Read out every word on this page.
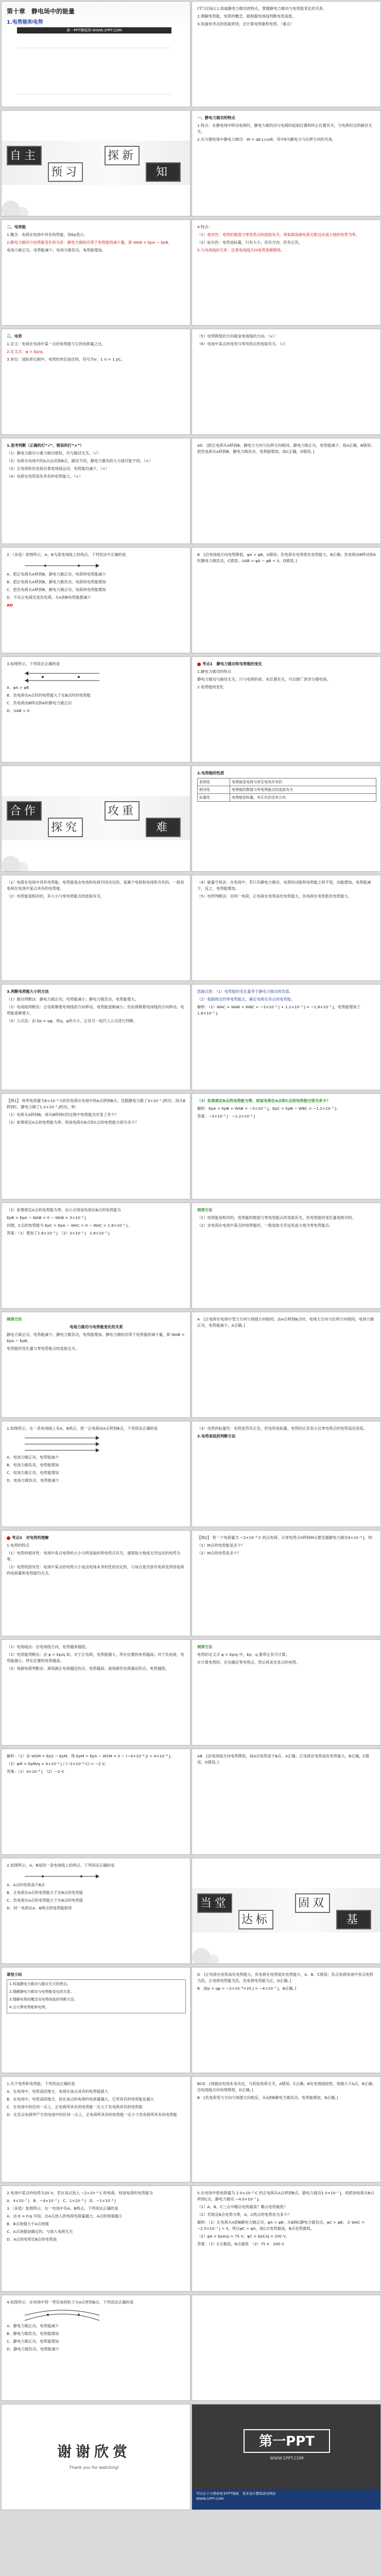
第十章　静电场中的能量
1.电势能和电势
第一PPT模板网-WWW.1PPT.COM

[学习目标] 1.知道静电力做功的特点，掌握静电力做功与电势能变化的关系。

2.理解电势能、电势的概念，能根据电场线判断电势高低。

3.知道参考点的选取原则，会计算电势能和电势。（重点）

自主
预习
探新
知

一、静电力做功的特点

1.特点：在静电场中移动电荷时，静电力做的功与电荷的起始位置和终止位置有关，与电荷经过的路径无关。

2.在匀强电场中静电力做功：W = qE·Lcosθ，其中θ为静电力与位移方向的夹角。

二、电势能

1.概念：电荷在电场中具有的势能，用Ep表示。

2.静电力做功与电势能变化的关系：静电力做的功等于电势能的减少量，即 WAB = EpA − EpB。

电场力做正功，电势能减少；电场力做负功，电势能增加。

4.特点：

（1）相对性：电势的数值与零电势点的选取有关，常取离场源电荷无限远处或大地的电势为零。

（2）标矢性：电势是标量，只有大小，没有方向，但有正负。

5.与电场线的关系：沿着电场线方向电势逐渐降低。

三、电势

1.定义：电荷在电场中某一点的电势能与它的电荷量之比。

2.定义式：φ = Ep/q。

3.单位：国际单位制中，电势的单位是伏特，符号为V，1 V = 1 J/C。

（5）电势降低的方向就是电场线的方向。（×）

（6）电场中某点的电势与零电势点的选取有关。（√）

1.思考判断（正确的打“√”，错误的打“×”）

（1）静电力做功与重力做功相似，均与路径无关。（√）

（2）电荷从电场中的A点运动到B点，路径不同，静电力做功的大小就可能不同。（×）

（3）正电荷和负电荷沿着电场线运动，电势能均减少。（×）

（4）电荷在电势高处具有的电势能大。（×）

AD　[把正电荷从A移到B，静电力方向与位移方向相同，静电力做正功，电势能减少，故A正确，B错误；把负电荷从A移到B，静电力做负功，电势能增加，故C正确，D错误。]

2.（多选）如图所示，A、B为某电场线上的两点，下列说法中正确的是

A．把正电荷从A移到B，静电力做正功，电荷的电势能减少

B．把正电荷从A移到B，静电力做负功，电荷的电势能增加

C．把负电荷从A移到B，静电力做正功，电荷的电势能增加

D．不论正电荷还是负电荷，从A到B电势能都减少

AD

B　[沿电场线方向电势降低，φA < φB，A错误；负电荷在电势低处电势能大，B正确；负电荷由B移动到A时静电力做负功，C错误；UAB = φA − φB < 0，D错误。]

3.如图所示，下列说法正确的是

A．φA > φB

B．负电荷在A点时的电势能大于在B点时的电势能

C．负电荷由B移动到A时静电力做正功

D．UAB > 0

考点1　 静电力做功和电势能的变化

1.静电力做功的特点

静电力做功与路径无关，只与电荷的初、末位置有关，可以推广到非匀强电场。

2.电势能的变化

合作
探究
攻重
难

2.电势能的性质

系统性	电势能是电荷与所在电场共有的
相对性	电势能的数值与零电势能点的选取有关
标量性	电势能是标量，有正负但没有方向

（1）电荷在电场中具有电势能，电势能是由电场和电荷共同决定的，是属于电荷和电场所共有的，一般说电荷在电场中某点具有的电势能。

（2）电势能是相对的，其大小与零电势能点的选取有关。

（4）能量守恒法：在电场中，若只有静电力做功，电荷的动能和电势能之和不变，动能增加，电势能减少，反之，电势能增加。

（5）电势判断法：对同一电荷，正电荷在电势高处电势能大，负电荷在电势低处电势能大。

3.判断电势能大小的方法

（1）做功判断法：静电力做正功，电势能减小；静电力做负功，电势能增大。

（2）电场线判断法：正电荷顺着电场线的方向移动，电势能逐渐减小；负电荷顺着电场线的方向移动，电势能逐渐增大。

（3）公式法：由 Ep = qφ，将q、φ的大小、正负号一起代入公式进行判断。

思路点拨：（1）电势能的变化量等于静电力做功的负值。

（2）根据规定的零电势能点，确定电荷在各点的电势能。

解析：（1）WAC = WAB + WBC = −3×10⁻⁵ J + 1.2×10⁻⁵ J = −1.8×10⁻⁵ J，电势能增加了1.8×10⁻⁵ J。

【例1】 将带电荷量为6×10⁻⁶ C的负电荷从电场中的A点移到B点，克服静电力做了3×10⁻⁵ J的功，再从B移到C，静电力做了1.2×10⁻⁵ J的功，则：

（1）电荷从A移到B，再从B移到C的过程中电势能共改变了多少？

（2）如果规定A点的电势能为零，则该电荷在B点和C点的电势能分别为多少？

（3）如果规定B点的电势能为零，则该电荷在A点和C点的电势能分别为多少？

解析：EpA = EpB + WAB = −3×10⁻⁵ J，EpC = EpB − WBC = −1.2×10⁻⁵ J。

答案：−3×10⁻⁵ J　−1.2×10⁻⁵ J

（2）如果规定A点的电势能为零，由公式得该电荷在B点的电势能为

EpB = EpA − WAB = 0 − WAB = 3×10⁻⁵ J

同理，C点的电势能为 EpC = EpA − WAC = 0 − WAC = 1.8×10⁻⁵ J。

答案：（1）增加了1.8×10⁻⁵ J　（2）3×10⁻⁵ J　1.8×10⁻⁵ J

规律方法

（1）电势能是相对的，电势能的数值与零电势能点的选取有关，但电势能的变化量是绝对的。

（2）求电荷在电场中某点的电势能时，一般选取无穷远处或大地为零电势能点。

规律方法

电场力做功与电势能变化的关系

静电力做正功，电势能减少；静电力做负功，电势能增加。静电力做的功等于电势能的减少量，即 WAB = EpA − EpB。

电势能的变化量与零电势能点的选取无关。

A　[正电荷在电场中受力方向与场强方向相同，由A点移到B点时，电场力方向与位移方向相同，电场力做正功，电势能减少，A正确。]

1.如图所示，在一条电场线上有A、B两点，把一正电荷由A点移到B点，下列说法正确的是

A．电场力做正功，电势能减少

B．电场力做负功，电势能增加

C．电场力做正功，电势能增加

D．电场力做负功，电势能减少

（3）电势的标量性：电势虽然有正负，但电势是标量，电势的正负表示比零电势点的电势高还是低。

2.电势高低的判断方法

考点2　 对电势的理解

1.电势的特点

（1）电势的相对性：电场中各点电势的大小与所选取的零电势点有关，通常取大地或无穷远处的电势为零。

（2）电势的固有性：电场中某点的电势大小是由电场本身的性质决定的，与该点是否放有电荷及所放电荷的电荷量和电势能均无关。

【例2】 将一个电荷量为 −2×10⁻⁸ C 的点电荷，从零电势点S移到M点要克服静电力做功4×10⁻⁸ J，则：

（1）M点的电势能是多少？

（2）M点的电势是多少？

（1）电场线法：沿电场线方向，电势越来越低。

（2）电势能判断法：由 φ = Ep/q 知，对于正电荷，电势能越大，所在位置的电势越高；对于负电荷，电势能越小，所在位置的电势越高。

（3）场源电荷判断法：离场源正电荷越近的点，电势越高；离场源负电荷越近的点，电势越低。

规律方法

电势的定义式 φ = Ep/q 中，Ep、q 都带正负号计算。

在计算电势时，应先确定零电势点，然后再求出各点的电势。

解析：（1）由 WSM = EpS − EpM，得 EpM = EpS − WSM = 0 − (−4×10⁻⁸ J) = 4×10⁻⁸ J。

（2）φM = EpM/q = 4×10⁻⁸ J / (−2×10⁻⁸ C) = −2 V。

答案：（1）4×10⁻⁸ J　（2）−2 V

AB　[沿电场线方向电势降低，故A点电势高于B点，A正确；正电荷在电势高处电势能大，B正确，C错误，D错误。]

2.如图所示，A、B是同一条电场线上的两点，下列说法正确的是

A．A点的电势高于B点

B．正电荷在A点的电势能大于在B点的电势能

C．负电荷在A点的电势能大于在B点的电势能

D．同一电荷在A、B两点的电势能相等	当堂
达标
固双
基

课堂小结

1.知道静电力做功与路径无关的特点。

2.理解静电力做功与电势能变化的关系。

3.理解电势的概念及电势高低的判断方法。

4.会计算电势能和电势。

D　[正电荷在电势高处电势能大，负电荷在电势低处电势能大，A、B、C错误；负点电荷电场中各点电势为负，正电荷电势能为负，负电荷电势能为正，D正确。]

B　[Ep = qφ = −2×10⁻⁸×20 J = −4×10⁻⁷ J，B正确。]

1.关于电势和电势能，下列说法正确的是

A．在电场中，电势高的地方，电荷在该点具有的电势能就大

B．在电场中，电势高的地方，放在该点的电荷的电荷量越大，它所具有的电势能也越大

C．在电场中的任何一点上，正电荷所具有的电势能一定大于负电荷具有的电势能

D．在负点电荷所产生的电场中的任何一点上，正电荷所具有的电势能一定小于负电荷所具有的电势能

BCD　[场强由电场本身决定，与检验电荷无关，A错误，C正确；B处电场线较密，场强大于A点，B正确；沿电场线方向电势降低，D正确。]

B　[负电荷受力方向与场强方向相反，从A到B静电力做负功，电势能增加，B正确。]

2.电场中某点的电势为20 V，若在该点放入 −2×10⁻⁸ C 的电荷，则该电荷的电势能为

A．4×10⁻⁷ J　 B．−4×10⁻⁷ J　 C．1×10⁻⁹ J　 D．−1×10⁻⁹ J

3.（多选）如图所示，在一电场中有A、B两点，下列说法正确的是

A．由 E = F/q 可知，在A点放入的电荷电荷量越大，A点的场强越小

B．B点场强大于A点场强

C．A点场强是确定的，与放入电荷无关

D．A点的电势比B点的电势高

5.在电场中把电荷量为 2.0×10⁻⁹ C 的正电荷从A点移到B点，静电力做功1.5×10⁻⁷ J，再把该电荷从B点移到C点，静电力做功 −4.0×10⁻⁷ J。

（1）A、B、C三点中哪点电势最高？哪点电势最低？

（2）若规定B点电势为零，A、C两点的电势各为多少？

解析：（1）正电荷从A到B静电力做正功，φA > φB；从B到C静电力做负功，φC > φB；又 WAC = −2.5×10⁻⁷ J < 0，所以φC > φA，故C点电势最高，B点电势最低。

（2）φA = EpA/q = 75 V，φC = EpC/q = 200 V。

答案：（1）C点最高，B点最低　（2）75 V　200 V

4.如图所示，在电场中将一带负电的粒子从A点移到B点，下列说法正确的是

A．静电力做正功，电势能减少

B．静电力做负功，电势能增加

C．静电力做正功，电势能增加

D．静电力做负功，电势能减少

谢谢欣赏
Thank you for watching!
第一PPT
WWW.1PPT.COM
可以在下方搜索更多PPT模板　更多设计教程请见网站
WWW.1PPT.COM
